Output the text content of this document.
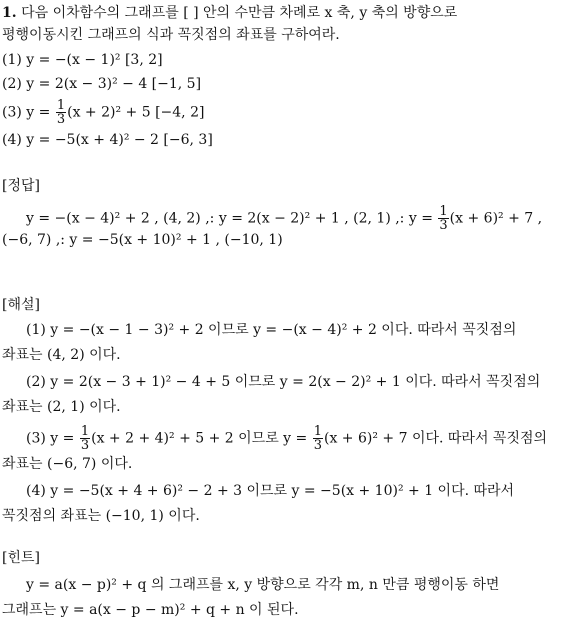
1. 다음 이차함수의 그래프를 [ ] 안의 수만큼 차례로 x 축, y 축의 방향으로
평행이동시킨 그래프의 식과 꼭짓점의 좌표를 구하여라.
(1) y = −(x − 1)² [3, 2]
(2) y = 2(x − 3)² − 4 [−1, 5]
(3) $y = \frac{1}{3} (x + 2)^2 + 5$ [−4, 2]
(4) y = −5(x + 4)² − 2 [−6, 3]
[정답]
y = −(x − 4)² + 2 , (4, 2) ,: y = 2(x − 2)² + 1 , (2, 1) ,: $y = \frac{1}{3} (x + 6)^2 + 7$ ,
(−6, 7) ,: y = −5(x + 10)² + 1 , (−10, 1)
[해설]
(1) y = −(x − 1 − 3)² + 2 이므로 y = −(x − 4)² + 2 이다. 따라서 꼭짓점의
좌표는 (4, 2) 이다.
(2) y = 2(x − 3 + 1)² − 4 + 5 이므로 y = 2(x − 2)² + 1 이다. 따라서 꼭짓점의
좌표는 (2, 1) 이다.
(3) $y = \frac{1}{3} (x + 2 + 4)^2 + 5 + 2$ 이므로 $y = \frac{1}{3} (x + 6)^2 + 7$ 이다. 따라서 꼭짓점의
좌표는 (−6, 7) 이다.
(4) y = −5(x + 4 + 6)² − 2 + 3 이므로 y = −5(x + 10)² + 1 이다. 따라서
꼭짓점의 좌표는 (−10, 1) 이다.
[힌트]
y = a(x − p)² + q 의 그래프를 x, y 방향으로 각각 m, n 만큼 평행이동 하면
그래프는 y = a(x − p − m)² + q + n 이 된다.
